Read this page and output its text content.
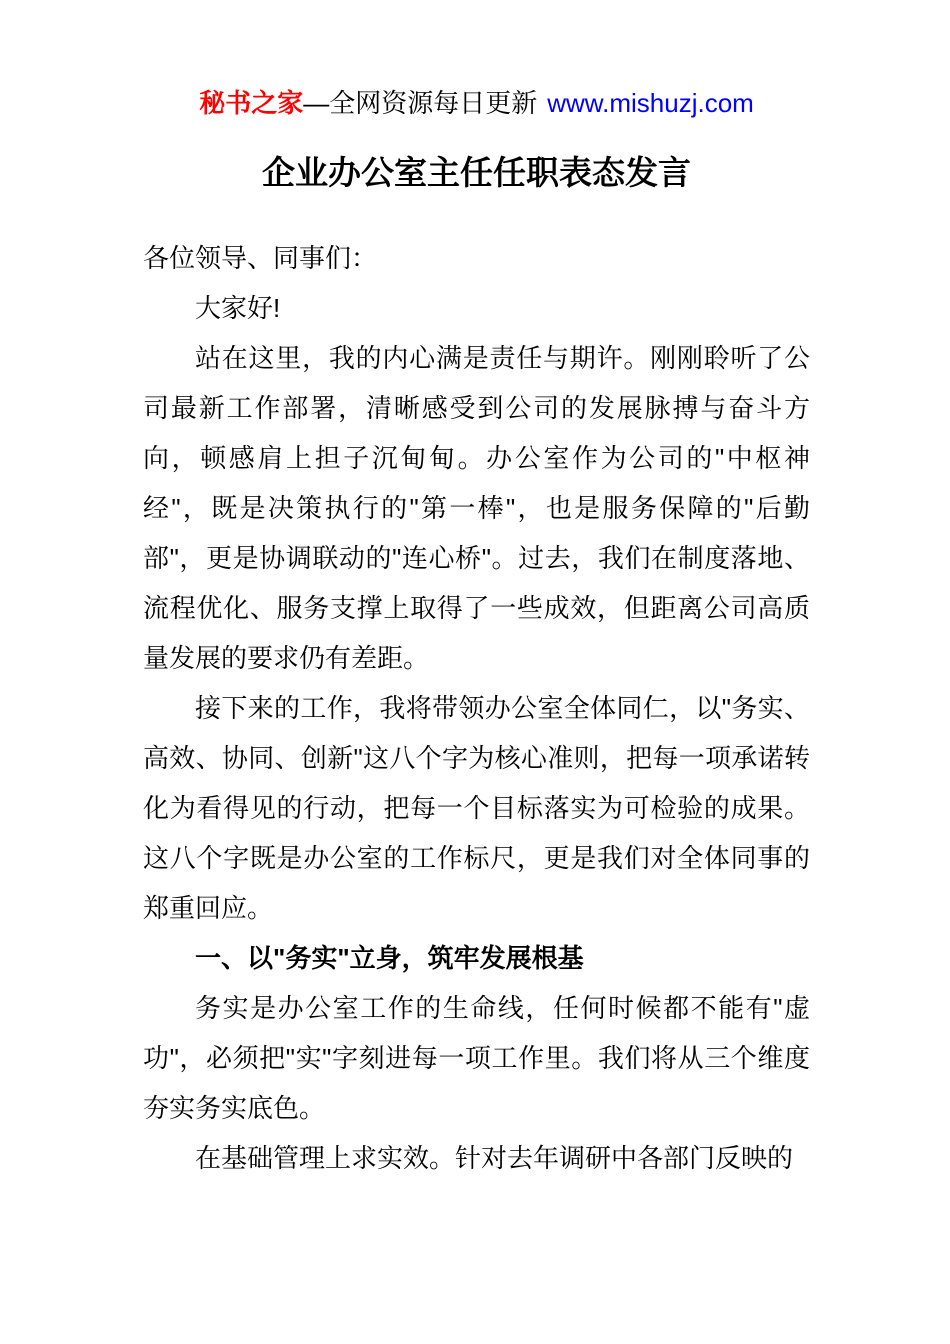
秘书之家—全网资源每日更新 www.mishuzj.com
企业办公室主任任职表态发言

各位领导、同事们：

大家好!

站在这里，我的内心满是责任与期许。刚刚聆听了公司最新工作部署，清晰感受到公司的发展脉搏与奋斗方向，顿感肩上担子沉甸甸。办公室作为公司的"中枢神经"，既是决策执行的"第一棒"，也是服务保障的"后勤部"，更是协调联动的"连心桥"。过去，我们在制度落地、流程优化、服务支撑上取得了一些成效，但距离公司高质量发展的要求仍有差距。

接下来的工作，我将带领办公室全体同仁，以"务实、高效、协同、创新"这八个字为核心准则，把每一项承诺转化为看得见的行动，把每一个目标落实为可检验的成果。这八个字既是办公室的工作标尺，更是我们对全体同事的郑重回应。

一、以"务实"立身，筑牢发展根基

务实是办公室工作的生命线，任何时候都不能有"虚功"，必须把"实"字刻进每一项工作里。我们将从三个维度夯实务实底色。

在基础管理上求实效。针对去年调研中各部门反映的
